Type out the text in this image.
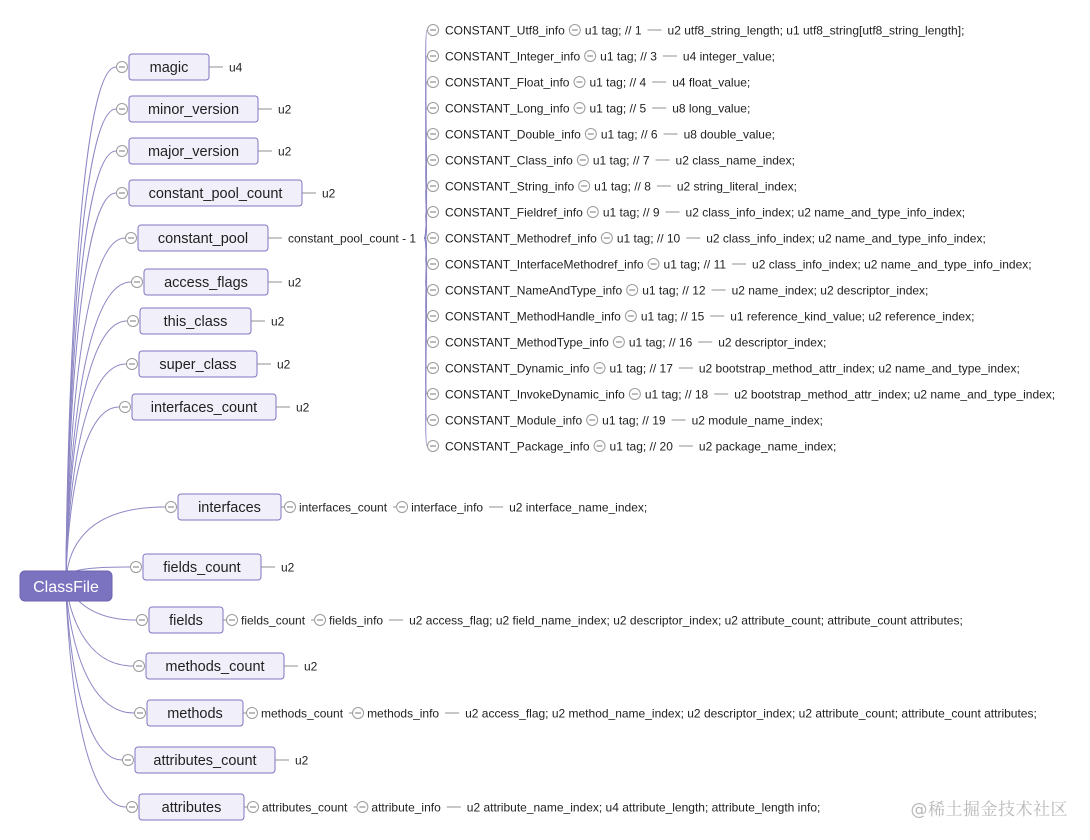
ClassFile
magic	u4
minor_version	u2
major_version	u2
constant_pool_count	u2
constant_pool	constant_pool_count - 1
access_flags	u2
this_class	u2
super_class	u2
interfaces_count	u2
interfaces	interfaces_count interface_info u2 interface_name_index;
fields_count	u2
fields	fields_count fields_info u2 access_flag; u2 field_name_index; u2 descriptor_index; u2 attribute_count; attribute_count attributes;
methods_count	u2
methods	methods_count methods_info u2 access_flag; u2 method_name_index; u2 descriptor_index; u2 attribute_count; attribute_count attributes;
attributes_count	u2
attributes	attributes_count attribute_info u2 attribute_name_index; u4 attribute_length; attribute_length info;
CONSTANT_Utf8_info u1 tag; // 1 u2 utf8_string_length; u1 utf8_string[utf8_string_length];
CONSTANT_Integer_info u1 tag; // 3 u4 integer_value;
CONSTANT_Float_info u1 tag; // 4 u4 float_value;
CONSTANT_Long_info u1 tag; // 5 u8 long_value;
CONSTANT_Double_info u1 tag; // 6 u8 double_value;
CONSTANT_Class_info u1 tag; // 7 u2 class_name_index;
CONSTANT_String_info u1 tag; // 8 u2 string_literal_index;
CONSTANT_Fieldref_info u1 tag; // 9 u2 class_info_index; u2 name_and_type_info_index;
CONSTANT_Methodref_info u1 tag; // 10 u2 class_info_index; u2 name_and_type_info_index;
CONSTANT_InterfaceMethodref_info u1 tag; // 11 u2 class_info_index; u2 name_and_type_info_index;
CONSTANT_NameAndType_info u1 tag; // 12 u2 name_index; u2 descriptor_index;
CONSTANT_MethodHandle_info u1 tag; // 15 u1 reference_kind_value; u2 reference_index;
CONSTANT_MethodType_info u1 tag; // 16 u2 descriptor_index;
CONSTANT_Dynamic_info u1 tag; // 17 u2 bootstrap_method_attr_index; u2 name_and_type_index;
CONSTANT_InvokeDynamic_info u1 tag; // 18 u2 bootstrap_method_attr_index; u2 name_and_type_index;
CONSTANT_Module_info u1 tag; // 19 u2 module_name_index;
CONSTANT_Package_info u1 tag; // 20 u2 package_name_index;
@稀土掘金技术社区
